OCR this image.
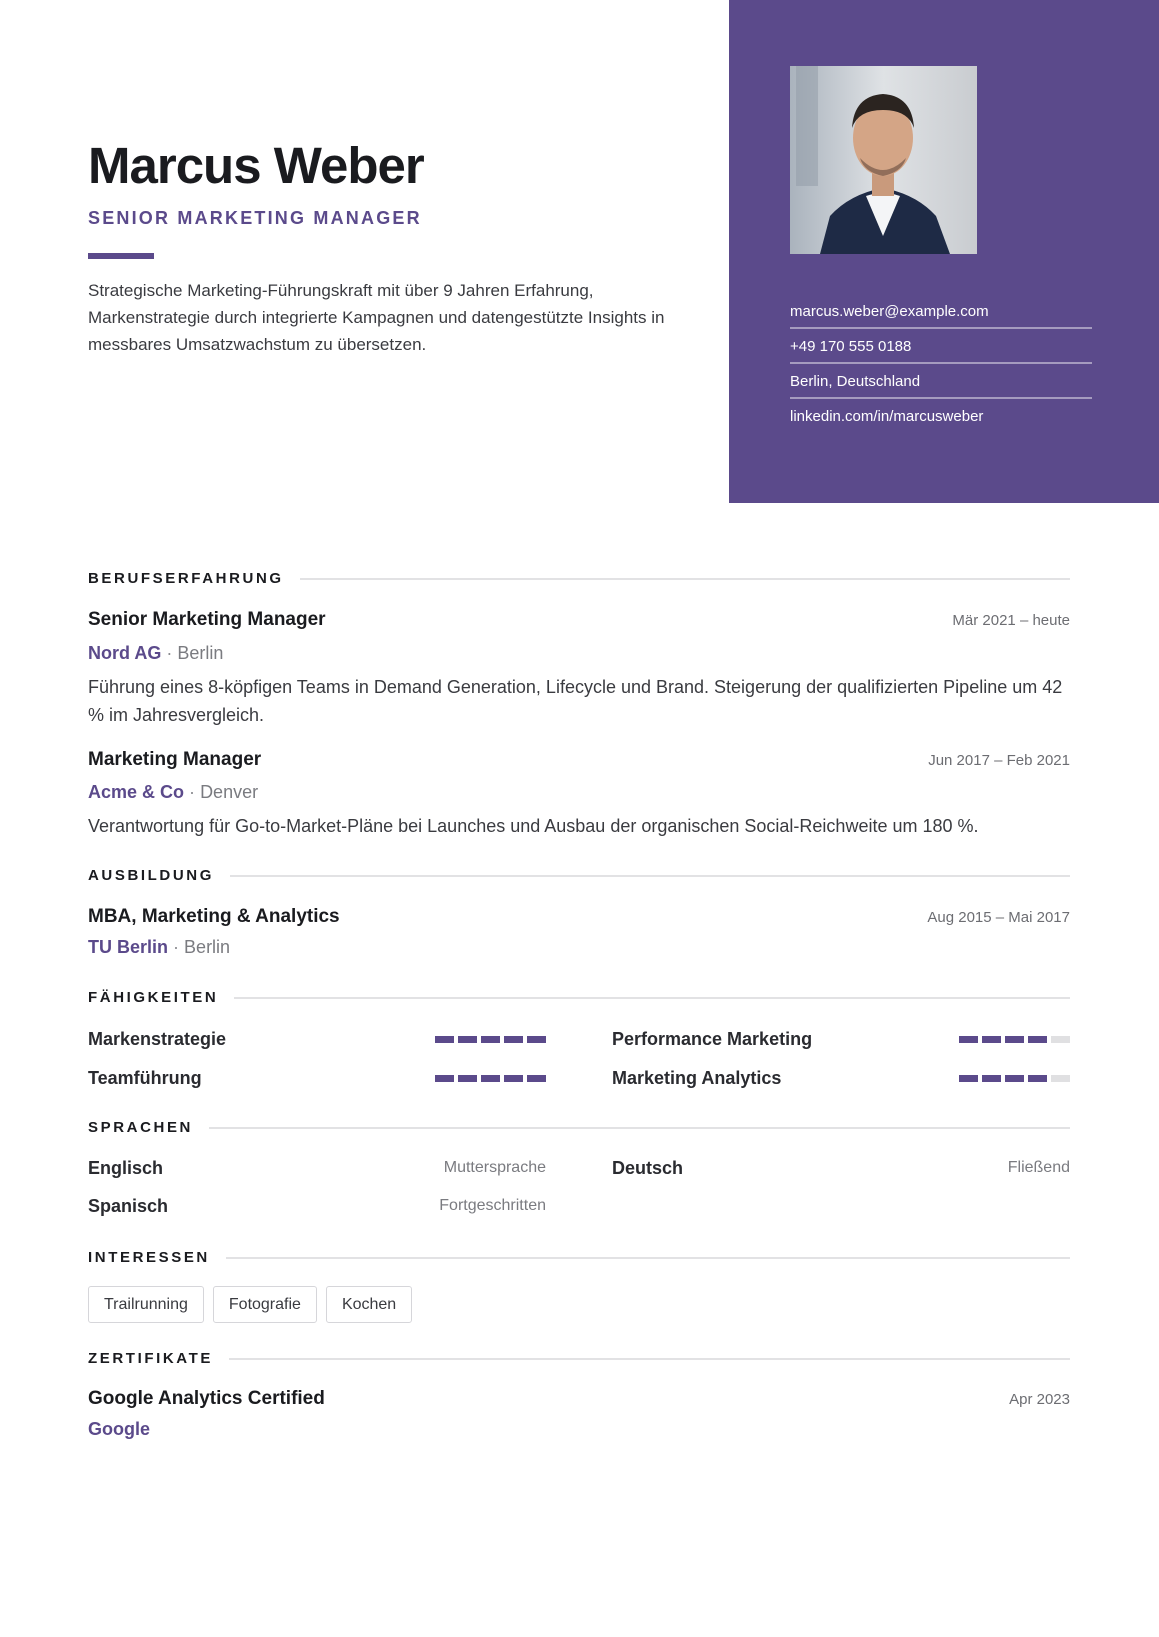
marcus.weber@example.com
+49 170 555 0188
Berlin, Deutschland
linkedin.com/in/marcusweber
Marcus Weber
SENIOR MARKETING MANAGER
Strategische Marketing-Führungskraft mit über 9 Jahren Erfahrung, Markenstrategie durch integrierte Kampagnen und datengestützte Insights in messbares Umsatzwachstum zu übersetzen.
BERUFSERFAHRUNG
Senior Marketing Manager	Mär 2021 – heute
Nord AG · Berlin
Führung eines 8-köpfigen Teams in Demand Generation, Lifecycle und Brand. Steigerung der qualifizierten Pipeline um 42 % im Jahresvergleich.
Marketing Manager	Jun 2017 – Feb 2021
Acme & Co · Denver
Verantwortung für Go-to-Market-Pläne bei Launches und Ausbau der organischen Social-Reichweite um 180 %.
AUSBILDUNG
MBA, Marketing & Analytics	Aug 2015 – Mai 2017
TU Berlin · Berlin
FÄHIGKEITEN
Markenstrategie	Performance Marketing
Teamführung	Marketing Analytics
SPRACHEN
Englisch	Muttersprache	Deutsch	Fließend
Spanisch	Fortgeschritten
INTERESSEN
Trailrunning	Fotografie	Kochen
ZERTIFIKATE
Google Analytics Certified	Apr 2023
Google
